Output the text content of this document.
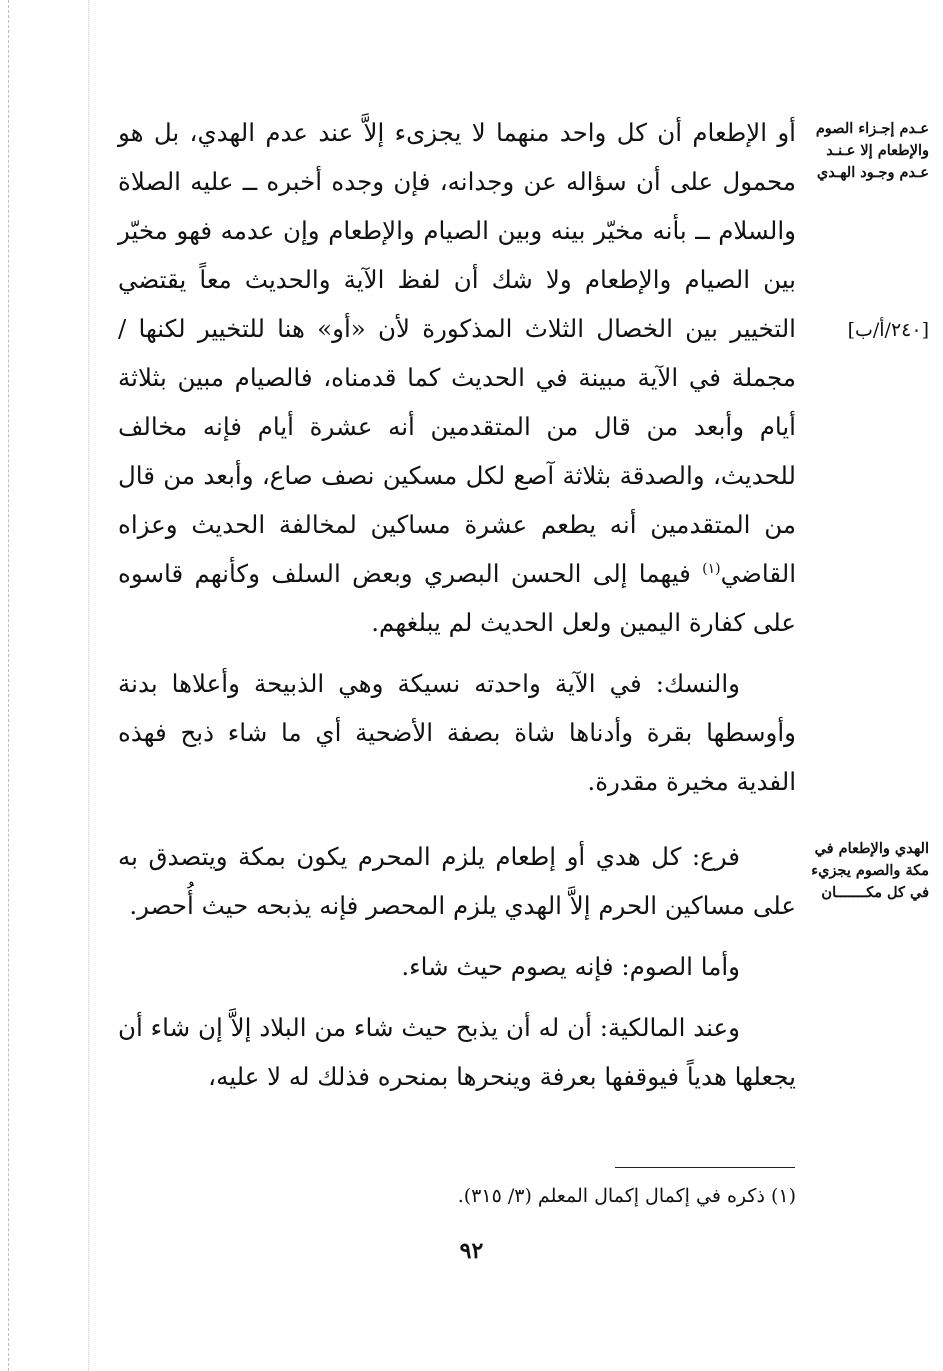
عـدم إجـزاء الصوم والإطعام إلا عـنـد عـدم وجـود الهـدي
[٢٤٠/أ/ب]
الهدي والإطعام في مكة والصوم يجزيء في كل مكـــــــان

أو الإطعام أن كل واحد منهما لا يجزىء إلاَّ عند عدم الهدي، بل هو محمول على أن سؤاله عن وجدانه، فإن وجده أخبره ــ عليه الصلاة والسلام ــ بأنه مخيّر بينه وبين الصيام والإطعام وإن عدمه فهو مخيّر بين الصيام والإطعام ولا شك أن لفظ الآية والحديث معاً يقتضي التخيير بين الخصال الثلاث المذكورة لأن «أو» هنا للتخيير لكنها / مجملة في الآية مبينة في الحديث كما قدمناه، فالصيام مبين بثلاثة أيام وأبعد من قال من المتقدمين أنه عشرة أيام فإنه مخالف للحديث، والصدقة بثلاثة آصع لكل مسكين نصف صاع، وأبعد من قال من المتقدمين أنه يطعم عشرة مساكين لمخالفة الحديث وعزاه القاضي$^{(١)}$ فيهما إلى الحسن البصري وبعض السلف وكأنهم قاسوه على كفارة اليمين ولعل الحديث لم يبلغهم.

والنسك: في الآية واحدته نسيكة وهي الذبيحة وأعلاها بدنة وأوسطها بقرة وأدناها شاة بصفة الأضحية أي ما شاء ذبح فهذه الفدية مخيرة مقدرة.

فرع: كل هدي أو إطعام يلزم المحرم يكون بمكة ويتصدق به على مساكين الحرم إلاَّ الهدي يلزم المحصر فإنه يذبحه حيث أُحصر.

وأما الصوم: فإنه يصوم حيث شاء.

وعند المالكية: أن له أن يذبح حيث شاء من البلاد إلاَّ إن شاء أن يجعلها هدياً فيوقفها بعرفة وينحرها بمنحره فذلك له لا عليه،

(١) ذكره في إكمال إكمال المعلم (٣/ ٣١٥).
٩٢
